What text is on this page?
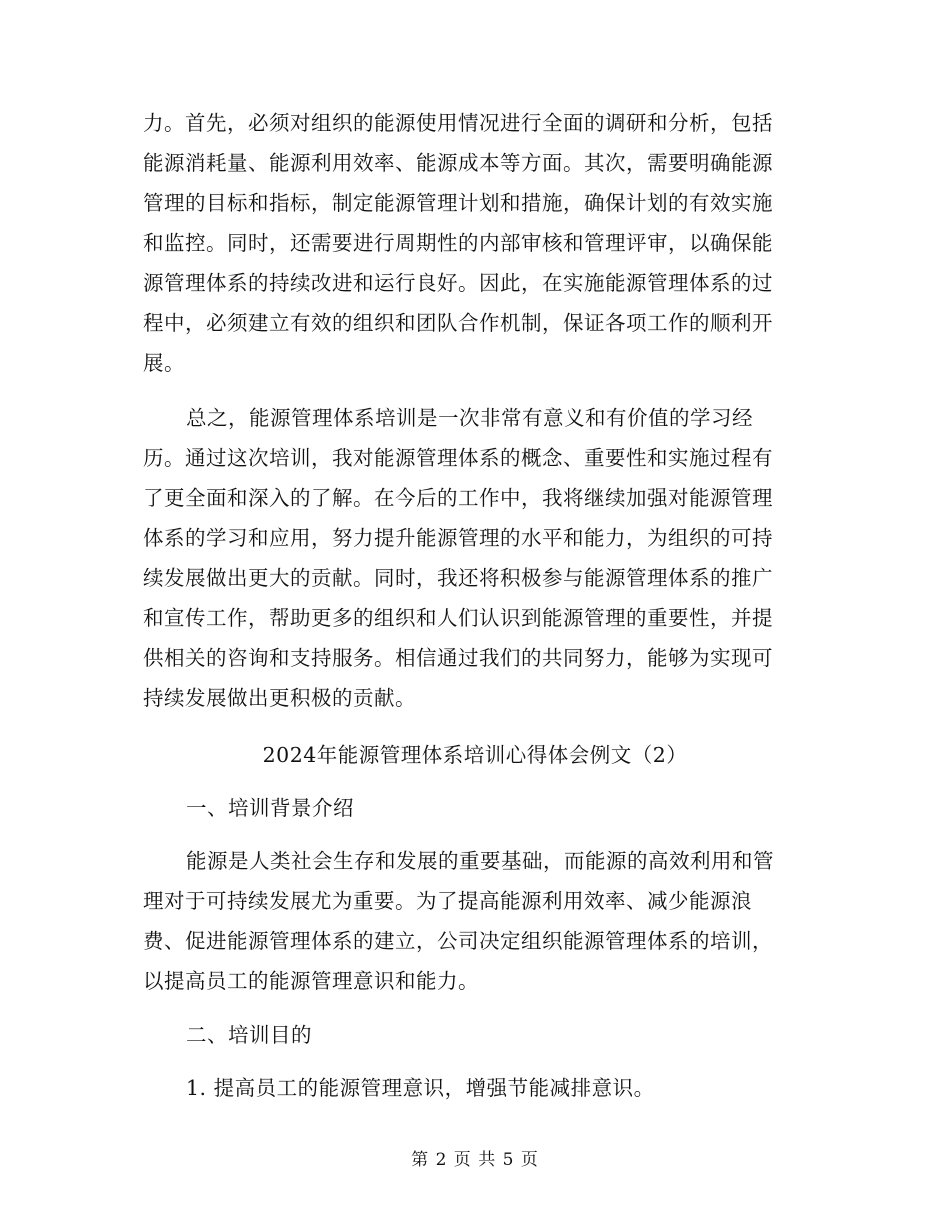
力。首先，必须对组织的能源使用情况进行全面的调研和分析，包括
能源消耗量、能源利用效率、能源成本等方面。其次，需要明确能源
管理的目标和指标，制定能源管理计划和措施，确保计划的有效实施
和监控。同时，还需要进行周期性的内部审核和管理评审，以确保能
源管理体系的持续改进和运行良好。因此，在实施能源管理体系的过
程中，必须建立有效的组织和团队合作机制，保证各项工作的顺利开
展。
总之，能源管理体系培训是一次非常有意义和有价值的学习经
历。通过这次培训，我对能源管理体系的概念、重要性和实施过程有
了更全面和深入的了解。在今后的工作中，我将继续加强对能源管理
体系的学习和应用，努力提升能源管理的水平和能力，为组织的可持
续发展做出更大的贡献。同时，我还将积极参与能源管理体系的推广
和宣传工作，帮助更多的组织和人们认识到能源管理的重要性，并提
供相关的咨询和支持服务。相信通过我们的共同努力，能够为实现可
持续发展做出更积极的贡献。
2024年能源管理体系培训心得体会例文（2）
一、培训背景介绍
能源是人类社会生存和发展的重要基础，而能源的高效利用和管
理对于可持续发展尤为重要。为了提高能源利用效率、减少能源浪
费、促进能源管理体系的建立，公司决定组织能源管理体系的培训，
以提高员工的能源管理意识和能力。
二、培训目的
1. 提高员工的能源管理意识，增强节能减排意识。
第 2 页 共 5 页
